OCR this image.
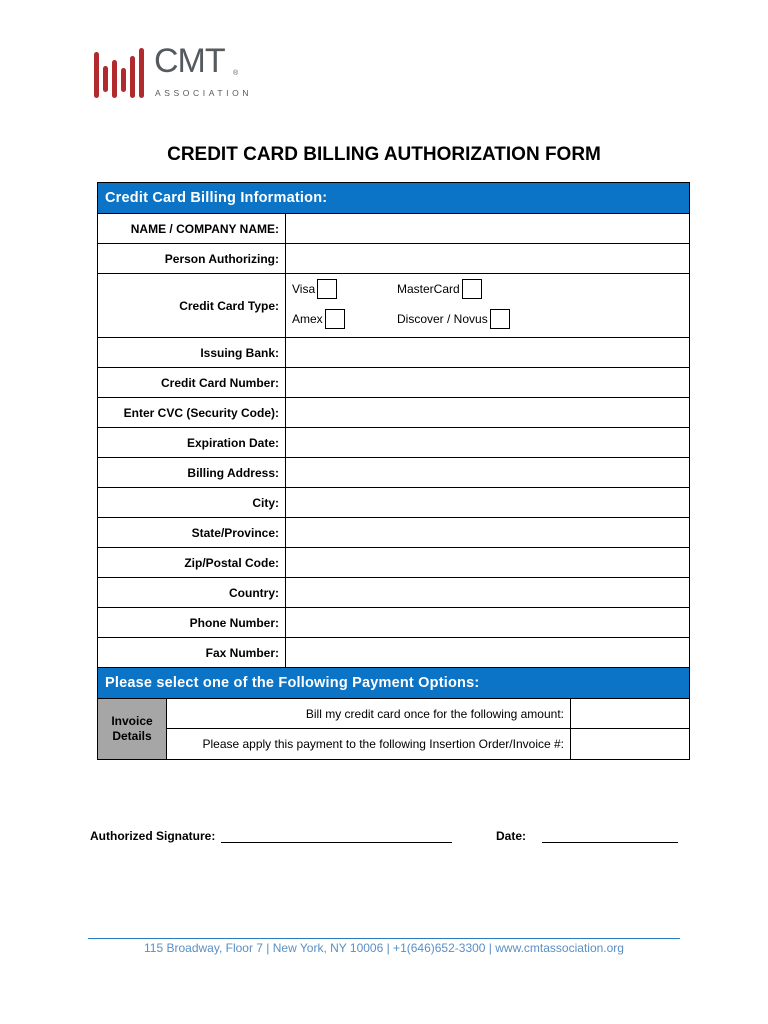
CMT ®
ASSOCIATION
CREDIT CARD BILLING AUTHORIZATION FORM
Credit Card Billing Information:
NAME / COMPANY NAME:
Person Authorizing:
Credit Card Type:
Visa	MasterCard
Amex	Discover / Novus
Issuing Bank:
Credit Card Number:
Enter CVC (Security Code):
Expiration Date:
Billing Address:
City:
State/Province:
Zip/Postal Code:
Country:
Phone Number:
Fax Number:
Please select one of the Following Payment Options:
Invoice
Details
Bill my credit card once for the following amount:
Please apply this payment to the following Insertion Order/Invoice #:
Authorized Signature:	Date:
115 Broadway, Floor 7 | New York, NY 10006 | +1(646)652-3300 | www.cmtassociation.org
